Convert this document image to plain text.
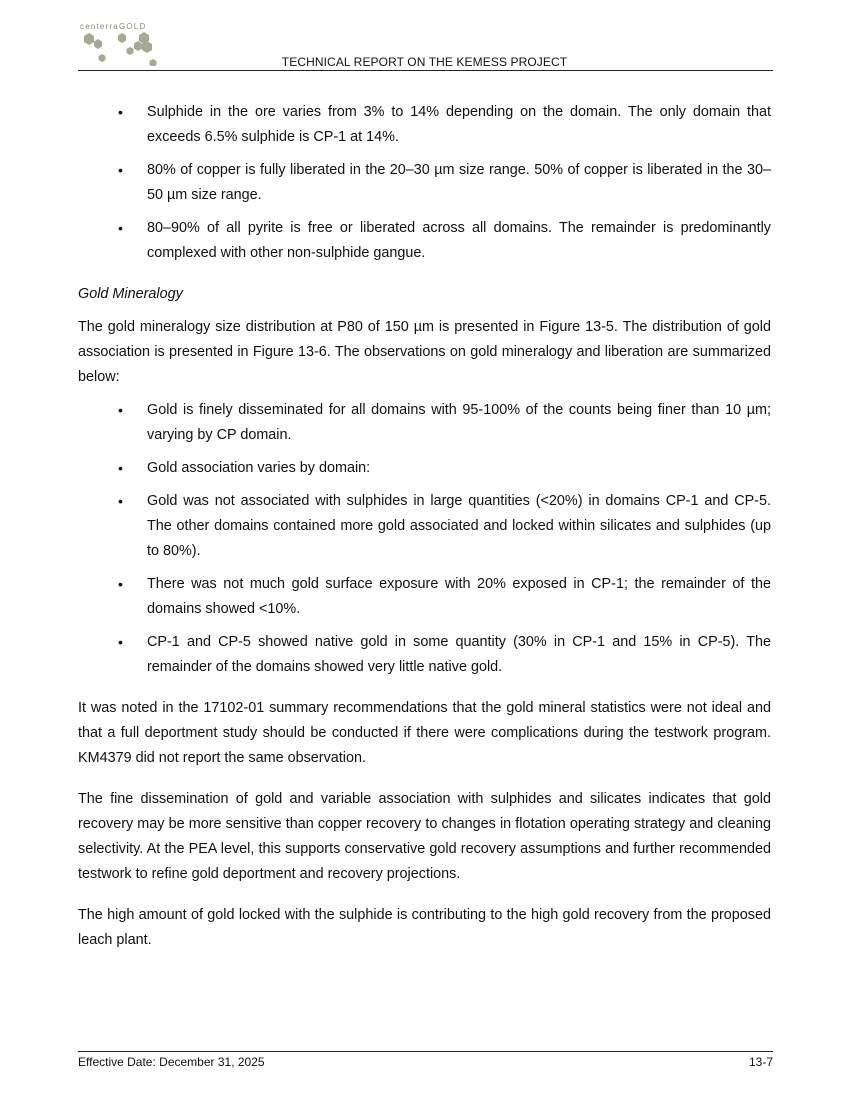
centerraGOLD
TECHNICAL REPORT ON THE KEMESS PROJECT
• Sulphide in the ore varies from 3% to 14% depending on the domain. The only domain that exceeds 6.5% sulphide is CP-1 at 14%.
• 80% of copper is fully liberated in the 20–30 µm size range. 50% of copper is liberated in the 30–50 µm size range.
• 80–90% of all pyrite is free or liberated across all domains. The remainder is predominantly complexed with other non-sulphide gangue.
Gold Mineralogy

The gold mineralogy size distribution at P80 of 150 µm is presented in Figure 13-5. The distribution of gold association is presented in Figure 13-6. The observations on gold mineralogy and liberation are summarized below:

• Gold is finely disseminated for all domains with 95-100% of the counts being finer than 10 µm; varying by CP domain.
• Gold association varies by domain:
• Gold was not associated with sulphides in large quantities (<20%) in domains CP-1 and CP-5. The other domains contained more gold associated and locked within silicates and sulphides (up to 80%).
• There was not much gold surface exposure with 20% exposed in CP-1; the remainder of the domains showed <10%.
• CP-1 and CP-5 showed native gold in some quantity (30% in CP-1 and 15% in CP-5). The remainder of the domains showed very little native gold.

It was noted in the 17102-01 summary recommendations that the gold mineral statistics were not ideal and that a full deportment study should be conducted if there were complications during the testwork program. KM4379 did not report the same observation.

The fine dissemination of gold and variable association with sulphides and silicates indicates that gold recovery may be more sensitive than copper recovery to changes in flotation operating strategy and cleaning selectivity. At the PEA level, this supports conservative gold recovery assumptions and further recommended testwork to refine gold deportment and recovery projections.

The high amount of gold locked with the sulphide is contributing to the high gold recovery from the proposed leach plant.

Effective Date: December 31, 2025	13-7
